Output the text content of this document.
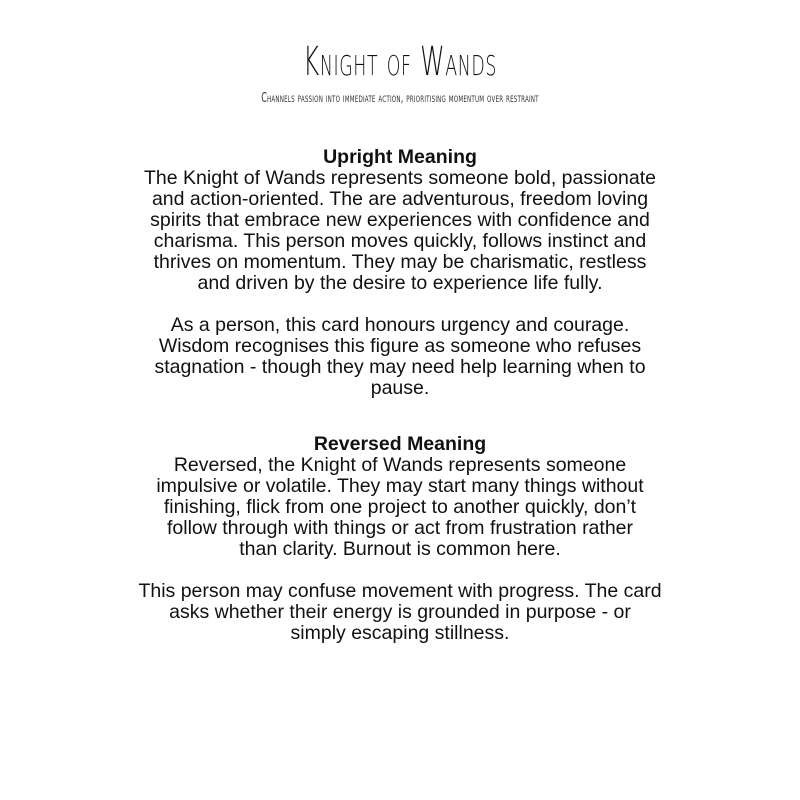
Knight of Wands
Channels passion into immediate action, prioritising momentum over restraint
Upright Meaning
The Knight of Wands represents someone bold, passionate
and action-oriented. The are adventurous, freedom loving
spirits that embrace new experiences with confidence and
charisma. This person moves quickly, follows instinct and
thrives on momentum. They may be charismatic, restless
and driven by the desire to experience life fully.
As a person, this card honours urgency and courage.
Wisdom recognises this figure as someone who refuses
stagnation - though they may need help learning when to
pause.
Reversed Meaning
Reversed, the Knight of Wands represents someone
impulsive or volatile. They may start many things without
finishing, flick from one project to another quickly, don’t
follow through with things or act from frustration rather
than clarity. Burnout is common here.
This person may confuse movement with progress. The card
asks whether their energy is grounded in purpose - or
simply escaping stillness.
